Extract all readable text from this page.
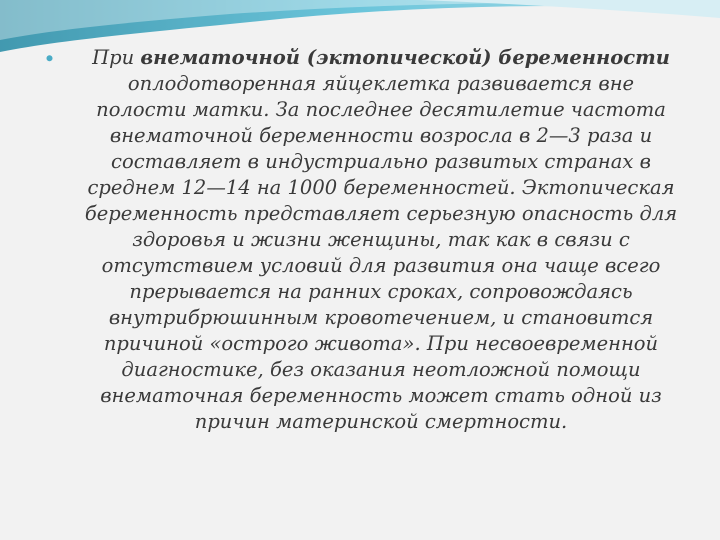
⦁ При внематочной (эктопической) беременности
оплодотворенная яйцеклетка развивается вне
полости матки. За последнее десятилетие частота
внематочной беременности возросла в 2—3 раза и
составляет в индустриально развитых странах в
среднем 12—14 на 1000 беременностей. Эктопическая
беременность представляет серьезную опасность для
здоровья и жизни женщины, так как в связи с
отсутствием условий для развития она чаще всего
прерывается на ранних сроках, сопровождаясь
внутрибрюшинным кровотечением, и становится
причиной «острого живота». При несвоевременной
диагностике, без оказания неотложной помощи
внематочная беременность может стать одной из
причин материнской смертности.
